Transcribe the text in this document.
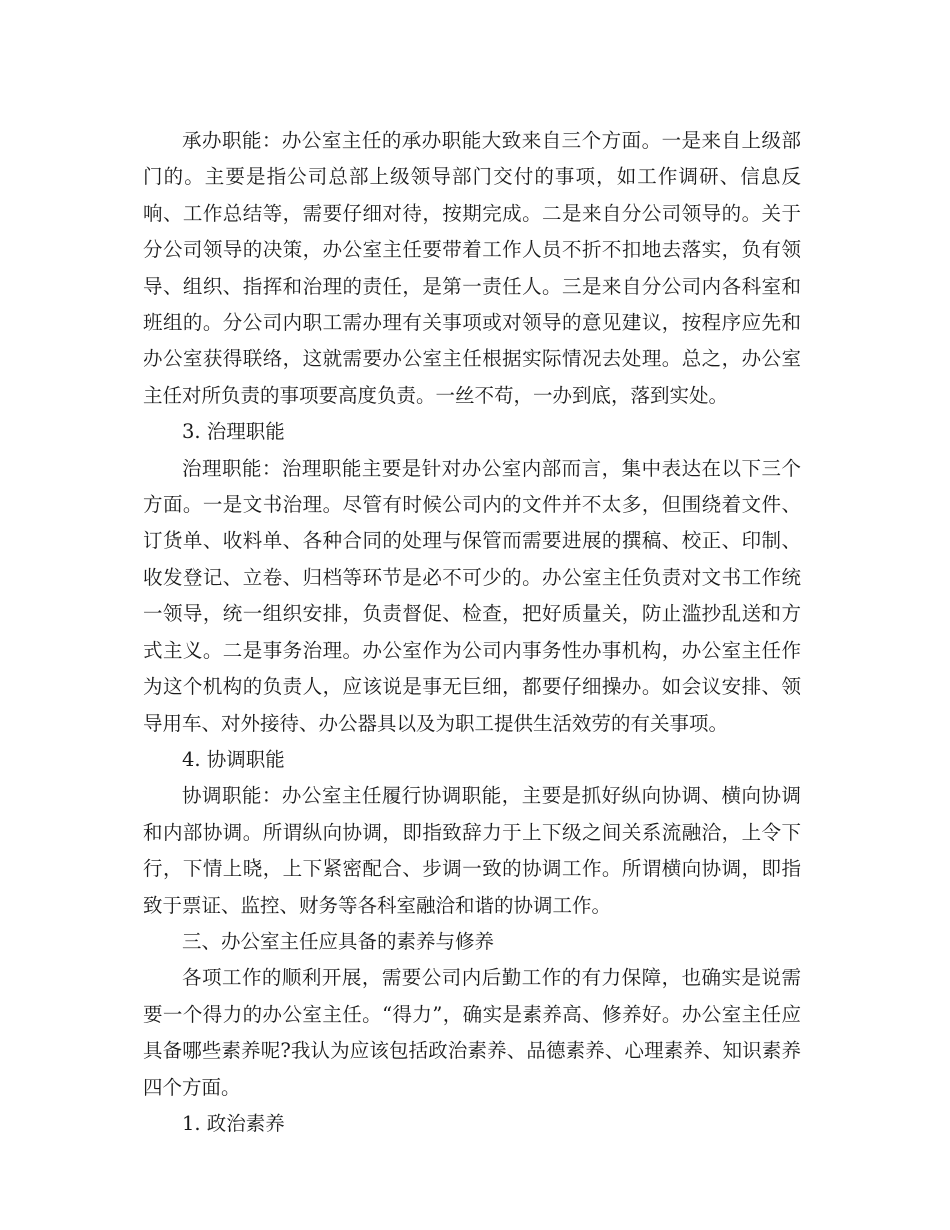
承办职能：办公室主任的承办职能大致来自三个方面。一是来自上级部门的。主要是指公司总部上级领导部门交付的事项，如工作调研、信息反响、工作总结等，需要仔细对待，按期完成。二是来自分公司领导的。关于分公司领导的决策，办公室主任要带着工作人员不折不扣地去落实，负有领导、组织、指挥和治理的责任，是第一责任人。三是来自分公司内各科室和班组的。分公司内职工需办理有关事项或对领导的意见建议，按程序应先和办公室获得联络，这就需要办公室主任根据实际情况去处理。总之，办公室主任对所负责的事项要高度负责。一丝不苟，一办到底，落到实处。

3. 治理职能

治理职能：治理职能主要是针对办公室内部而言，集中表达在以下三个方面。一是文书治理。尽管有时候公司内的文件并不太多，但围绕着文件、订货单、收料单、各种合同的处理与保管而需要进展的撰稿、校正、印制、收发登记、立卷、归档等环节是必不可少的。办公室主任负责对文书工作统一领导，统一组织安排，负责督促、检查，把好质量关，防止滥抄乱送和方式主义。二是事务治理。办公室作为公司内事务性办事机构，办公室主任作为这个机构的负责人，应该说是事无巨细，都要仔细操办。如会议安排、领导用车、对外接待、办公器具以及为职工提供生活效劳的有关事项。

4. 协调职能

协调职能：办公室主任履行协调职能，主要是抓好纵向协调、横向协调和内部协调。所谓纵向协调，即指致辞力于上下级之间关系流融洽，上令下行，下情上晓，上下紧密配合、步调一致的协调工作。所谓横向协调，即指致于票证、监控、财务等各科室融洽和谐的协调工作。

三、办公室主任应具备的素养与修养

各项工作的顺利开展，需要公司内后勤工作的有力保障，也确实是说需要一个得力的办公室主任。“得力”，确实是素养高、修养好。办公室主任应具备哪些素养呢?我认为应该包括政治素养、品德素养、心理素养、知识素养四个方面。

1. 政治素养
